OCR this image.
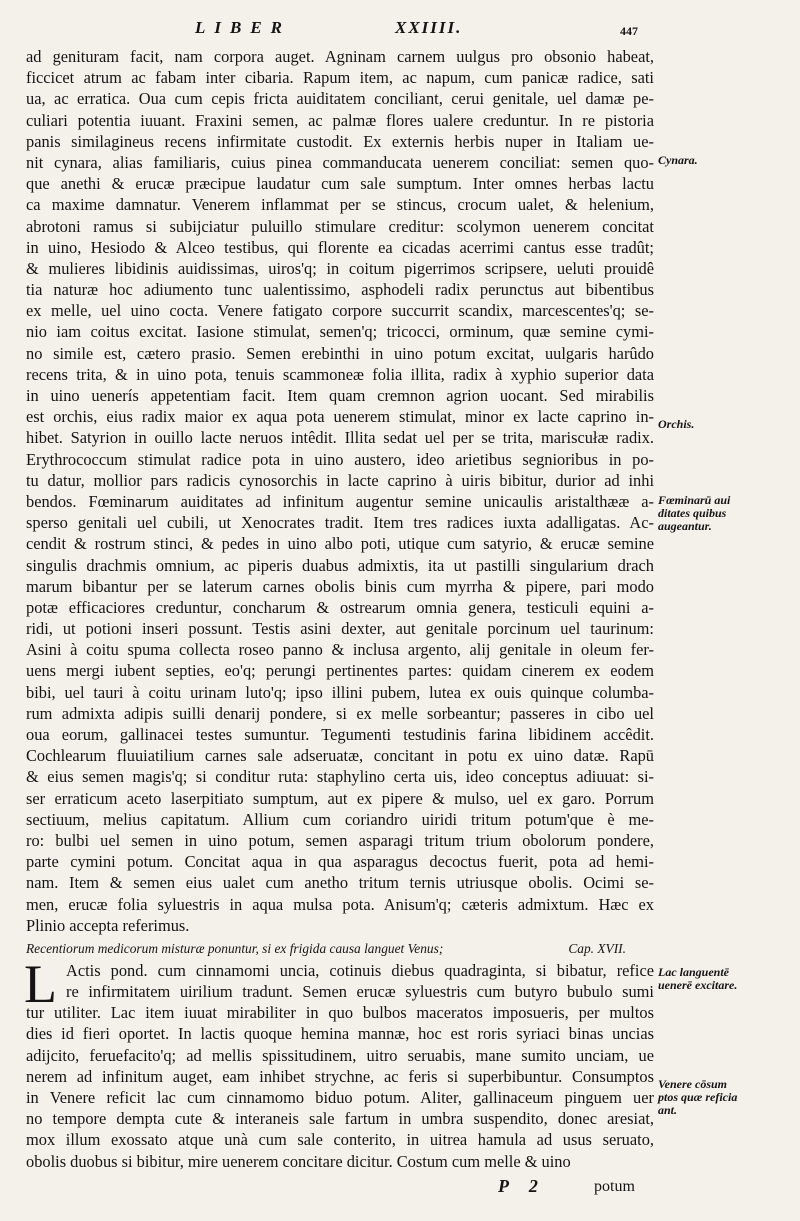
LIBER	XXIIII.	447
ad genituram facit, nam corpora auget. Agninam carnem uulgus pro obsonio habeat,
ficcicet atrum ac fabam inter cibaria. Rapum item, ac napum, cum panicæ radice, sati
ua, ac erratica. Oua cum cepis fricta auiditatem conciliant, cerui genitale, uel damæ pe-
culiari potentia iuuant. Fraxini semen, ac palmæ flores ualere creduntur. In re pistoria
panis similagineus recens infirmitate custodit. Ex externis herbis nuper in Italiam ue-
nit cynara, alias familiaris, cuius pinea commanducata uenerem conciliat: semen quo-
que anethi & erucæ præcipue laudatur cum sale sumptum. Inter omnes herbas lactu
ca maxime damnatur. Venerem inflammat per se stincus, crocum ualet, & helenium,
abrotoni ramus si subijciatur puluillo stimulare creditur: scolymon uenerem concitat
in uino, Hesiodo & Alceo testibus, qui florente ea cicadas acerrimi cantus esse tradût;
& mulieres libidinis auidissimas, uiros'q; in coitum pigerrimos scripsere, ueluti prouidê
tia naturæ hoc adiumento tunc ualentissimo, asphodeli radix perunctus aut bibentibus
ex melle, uel uino cocta. Venere fatigato corpore succurrit scandix, marcescentes'q; se-
nio iam coitus excitat. Iasione stimulat, semen'q; tricocci, orminum, quæ semine cymi-
no simile est, cætero prasio. Semen erebinthi in uino potum excitat, uulgaris harûdo
recens trita, & in uino pota, tenuis scammoneæ folia illita, radix à xyphio superior data
in uino uenerís appetentiam facit. Item quam cremnon agrion uocant. Sed mirabilis
est orchis, eius radix maior ex aqua pota uenerem stimulat, minor ex lacte caprino in-
hibet. Satyrion in ouillo lacte neruos intêdit. Illita sedat uel per se trita, mariscułæ radix.
Erythrococcum stimulat radice pota in uino austero, ideo arietibus segnioribus in po-
tu datur, mollior pars radicis cynosorchis in lacte caprino à uiris bibitur, durior ad inhi
bendos. Fœminarum auiditates ad infinitum augentur semine unicaulis aristalthææ a-
sperso genitali uel cubili, ut Xenocrates tradit. Item tres radices iuxta adalligatas. Ac-
cendit & rostrum stinci, & pedes in uino albo poti, utique cum satyrio, & erucæ semine
singulis drachmis omnium, ac piperis duabus admixtis, ita ut pastilli singularium drach
marum bibantur per se laterum carnes obolis binis cum myrrha & pipere, pari modo
potæ efficaciores creduntur, concharum & ostrearum omnia genera, testiculi equini a-
ridi, ut potioni inseri possunt. Testis asini dexter, aut genitale porcinum uel taurinum:
Asini à coitu spuma collecta roseo panno & inclusa argento, alij genitale in oleum fer-
uens mergi iubent septies, eo'q; perungi pertinentes partes: quidam cinerem ex eodem
bibi, uel tauri à coitu urinam luto'q; ipso illini pubem, lutea ex ouis quinque columba-
rum admixta adipis suilli denarij pondere, si ex melle sorbeantur; passeres in cibo uel
oua eorum, gallinacei testes sumuntur. Tegumenti testudinis farina libidinem accêdit.
Cochlearum fluuiatilium carnes sale adseruatæ, concitant in potu ex uino datæ. Rapū
& eius semen magis'q; si conditur ruta: staphylino certa uis, ideo conceptus adiuuat: si-
ser erraticum aceto laserpitiato sumptum, aut ex pipere & mulso, uel ex garo. Porrum
sectiuum, melius capitatum. Allium cum coriandro uiridi tritum potum'que è me-
ro: bulbi uel semen in uino potum, semen asparagi tritum trium obolorum pondere,
parte cymini potum. Concitat aqua in qua asparagus decoctus fuerit, pota ad hemi-
nam. Item & semen eius ualet cum anetho tritum ternis utriusque obolis. Ocimi se-
men, erucæ folia syluestris in aqua mulsa pota. Anisum'q; cæteris admixtum. Hæc ex
Plinio accepta referimus.
Recentiorum medicorum misturæ ponuntur, si ex frigida causa languet Venus;	Cap. XVII.
L Actis pond. cum cinnamomi uncia, cotinuis diebus quadraginta, si bibatur, refice
re infirmitatem uirilium tradunt. Semen erucæ syluestris cum butyro bubulo sumi
tur utiliter. Lac item iuuat mirabiliter in quo bulbos maceratos imposueris, per multos
dies id fieri oportet. In lactis quoque hemina mannæ, hoc est roris syriaci binas uncias
adijcito, feruefacito'q; ad mellis spissitudinem, uitro seruabis, mane sumito unciam, ue
nerem ad infinitum auget, eam inhibet strychne, ac feris si superbibuntur. Consumptos
in Venere reficit lac cum cinnamomo biduo potum. Aliter, gallinaceum pinguem uer
no tempore dempta cute & interaneis sale fartum in umbra suspendito, donec aresiat,
mox illum exossato atque unà cum sale conterito, in uitrea hamula ad usus seruato,
obolis duobus si bibitur, mire uenerem concitare dicitur. Costum cum melle & uino
Cynara.
Orchis.
Fœminarū aui
ditates quibus
augeantur.
Lac languentē
uenerē excitare.
Venere cōsum
ptos quæ reficia
ant.
P 2	potum
